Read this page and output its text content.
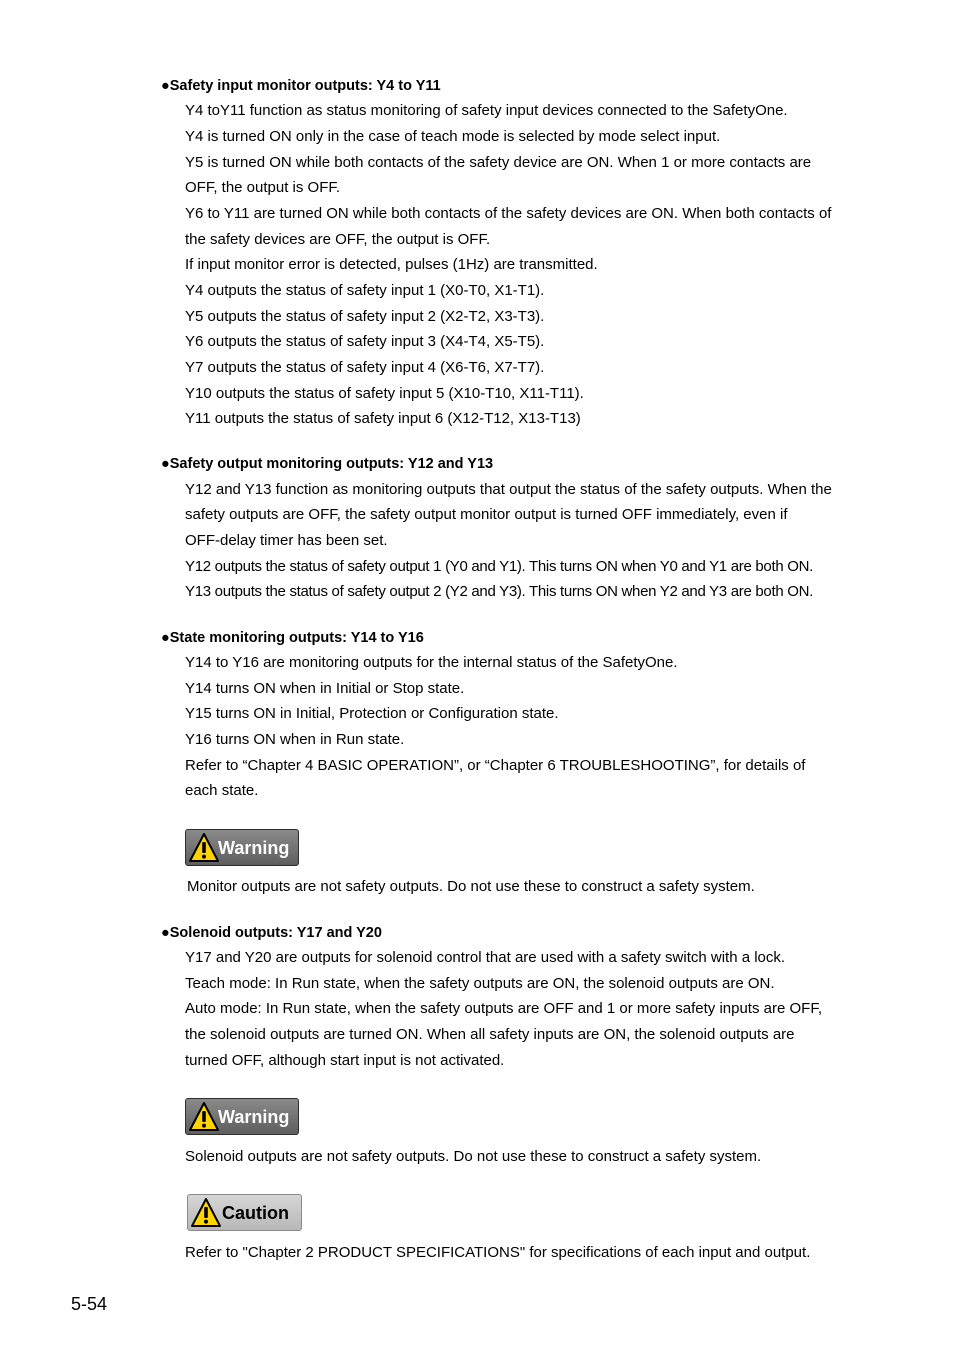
●Safety input monitor outputs: Y4 to Y11
Y4 toY11 function as status monitoring of safety input devices connected to the SafetyOne.
Y4 is turned ON only in the case of teach mode is selected by mode select input.
Y5 is turned ON while both contacts of the safety device are ON. When 1 or more contacts are
OFF, the output is OFF.
Y6 to Y11 are turned ON while both contacts of the safety devices are ON. When both contacts of
the safety devices are OFF, the output is OFF.
If input monitor error is detected, pulses (1Hz) are transmitted.
Y4 outputs the status of safety input 1 (X0-T0, X1-T1).
Y5 outputs the status of safety input 2 (X2-T2, X3-T3).
Y6 outputs the status of safety input 3 (X4-T4, X5-T5).
Y7 outputs the status of safety input 4 (X6-T6, X7-T7).
Y10 outputs the status of safety input 5 (X10-T10, X11-T11).
Y11 outputs the status of safety input 6 (X12-T12, X13-T13)
●Safety output monitoring outputs: Y12 and Y13
Y12 and Y13 function as monitoring outputs that output the status of the safety outputs. When the
safety outputs are OFF, the safety output monitor output is turned OFF immediately, even if
OFF-delay timer has been set.
Y12 outputs the status of safety output 1 (Y0 and Y1). This turns ON when Y0 and Y1 are both ON.
Y13 outputs the status of safety output 2 (Y2 and Y3). This turns ON when Y2 and Y3 are both ON.
●State monitoring outputs: Y14 to Y16
Y14 to Y16 are monitoring outputs for the internal status of the SafetyOne.
Y14 turns ON when in Initial or Stop state.
Y15 turns ON in Initial, Protection or Configuration state.
Y16 turns ON when in Run state.
Refer to “Chapter 4 BASIC OPERATION”, or “Chapter 6 TROUBLESHOOTING”, for details of
each state.
Warning
Monitor outputs are not safety outputs. Do not use these to construct a safety system.
●Solenoid outputs: Y17 and Y20
Y17 and Y20 are outputs for solenoid control that are used with a safety switch with a lock.
Teach mode: In Run state, when the safety outputs are ON, the solenoid outputs are ON.
Auto mode: In Run state, when the safety outputs are OFF and 1 or more safety inputs are OFF,
the solenoid outputs are turned ON. When all safety inputs are ON, the solenoid outputs are
turned OFF, although start input is not activated.
Warning
Solenoid outputs are not safety outputs. Do not use these to construct a safety system.
Caution
Refer to "Chapter 2 PRODUCT SPECIFICATIONS" for specifications of each input and output.
5-54
